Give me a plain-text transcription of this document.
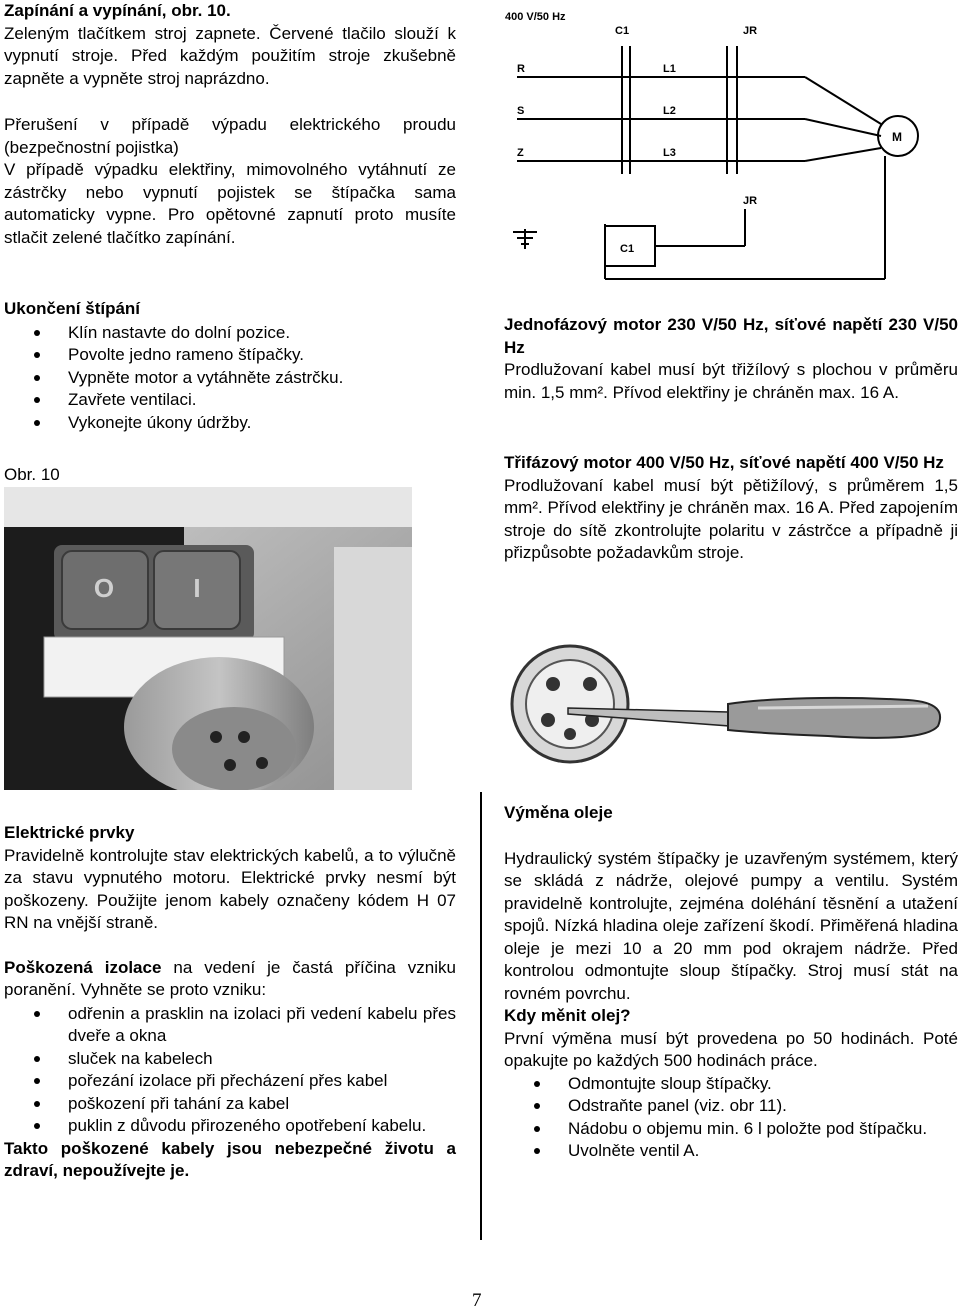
Zapínání a vypínání, obr. 10.

Zeleným tlačítkem stroj zapnete. Červené tlačilo slouží k vypnutí stroje. Před každým použitím stroje zkušebně zapněte a vypněte stroj naprázdno.

Přerušení v případě výpadu elektrického proudu (bezpečnostní pojistka)

V případě výpadku elektřiny, mimovolného vytáhnutí ze zástrčky nebo vypnutí pojistek se štípačka sama automaticky vypne. Pro opětovné zapnutí proto musíte stlačit zelené tlačítko zapínání.

Ukončení štípání

Klín nastavte do dolní pozice.
Povolte jedno rameno štípačky.
Vypněte motor a vytáhněte zástrčku.
Zavřete ventilaci.
Vykonejte úkony údržby.
Obr. 10
O	I
400 V/50 Hz
C1	JR
R
S
Z
L1
L2
L3
M
C1
JR

Jednofázový motor 230 V/50 Hz, síťové napětí 230 V/50 Hz

Prodlužovaní kabel musí být třižílový s plochou v průměru min. 1,5 mm². Přívod elektřiny je chráněn max. 16 A.

Třifázový motor 400 V/50 Hz, síťové napětí 400 V/50 Hz

Prodlužovaní kabel musí být pětižílový, s průměrem 1,5 mm². Přívod elektřiny je chráněn max. 16 A. Před zapojením stroje do sítě zkontrolujte polaritu v zástrčce a případně ji přizpůsobte požadavkům stroje.

Elektrické prvky

Pravidelně kontrolujte stav elektrických kabelů, a to výlučně za stavu vypnutého motoru. Elektrické prvky nesmí být poškozeny. Použijte jenom kabely označeny kódem H 07 RN na vnější straně.

Poškozená izolace na vedení je častá příčina vzniku poranění. Vyhněte se proto vzniku:

odřenin a prasklin na izolaci při vedení kabelu přes dveře a okna
sluček na kabelech
pořezání izolace při přecházení přes kabel
poškození při tahání za kabel
puklin z důvodu přirozeného opotřebení kabelu.

Takto poškozené kabely jsou nebezpečné životu a zdraví, nepoužívejte je.

Výměna oleje

Hydraulický systém štípačky je uzavřeným systémem, který se skládá z nádrže, olejové pumpy a ventilu. Systém pravidelně kontrolujte, zejména doléhání těsnění a utažení spojů. Nízká hladina oleje zařízení škodí. Přiměřená hladina oleje je mezi 10 a 20 mm pod okrajem nádrže. Před kontrolou odmontujte sloup štípačky. Stroj musí stát na rovném povrchu.

Kdy měnit olej?

První výměna musí být provedena po 50 hodinách. Poté opakujte po každých 500 hodinách práce.

Odmontujte sloup štípačky.
Odstraňte panel (viz. obr 11).
Nádobu o objemu min. 6 l položte pod štípačku.
Uvolněte ventil A.
7
